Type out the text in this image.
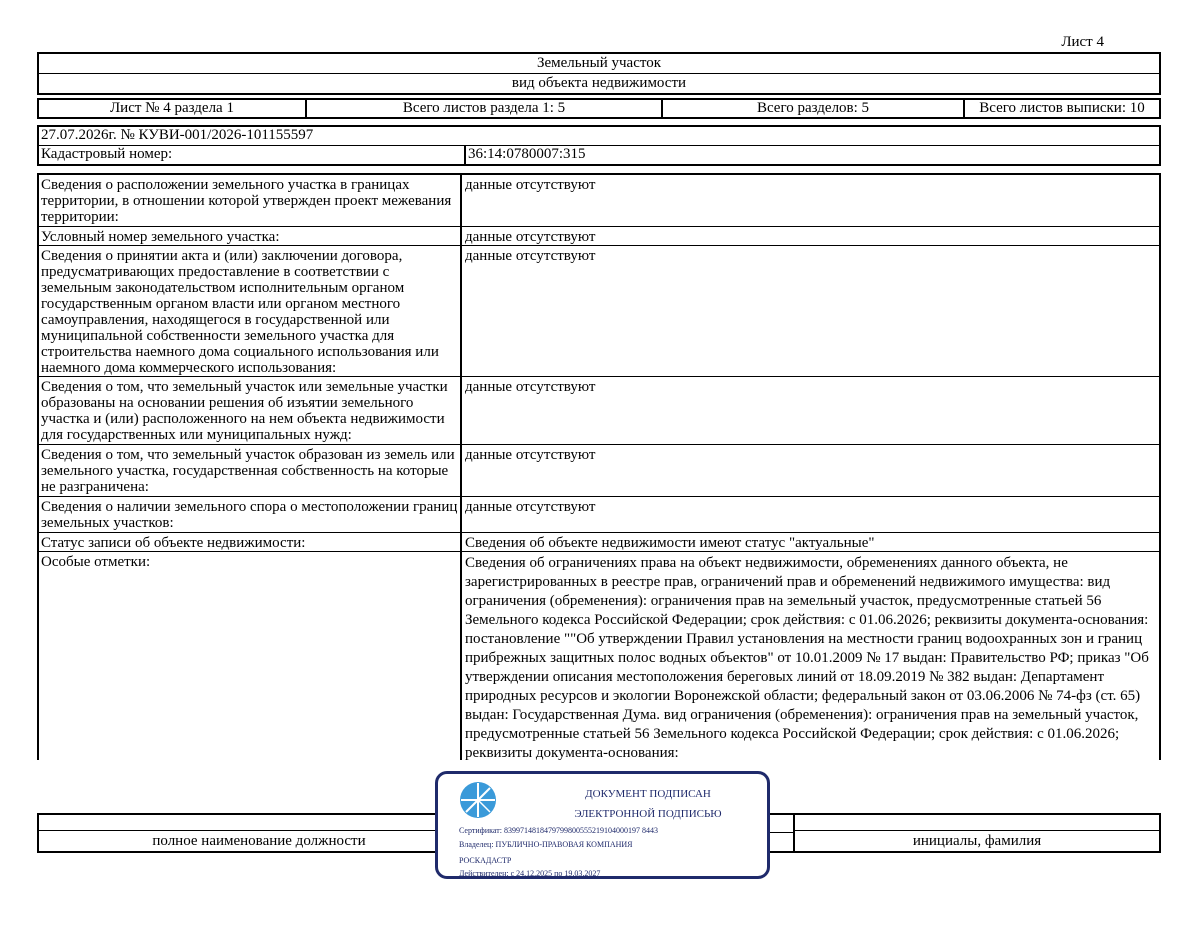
Лист 4
Земельный участок
вид объекта недвижимости
Лист № 4 раздела 1	Всего листов раздела 1: 5	Всего разделов: 5	Всего листов выписки: 10
27.07.2026г. № КУВИ-001/2026-101155597
Кадастровый номер:	36:14:0780007:315
Сведения о расположении земельного участка в границах территории, в отношении которой утвержден проект межевания территории:
данные отсутствуют
Условный номер земельного участка:	данные отсутствуют
Сведения о принятии акта и (или) заключении договора, предусматривающих предоставление в соответствии с земельным законодательством исполнительным органом государственным органом власти или органом местного самоуправления, находящегося в государственной или муниципальной собственности земельного участка для строительства наемного дома социального использования или наемного дома коммерческого использования:
данные отсутствуют
Сведения о том, что земельный участок или земельные участки образованы на основании решения об изъятии земельного участка и (или) расположенного на нем объекта недвижимости для государственных или муниципальных нужд:
данные отсутствуют
Сведения о том, что земельный участок образован из земель или земельного участка, государственная собственность на которые не разграничена:
данные отсутствуют
Сведения о наличии земельного спора о местоположении границ земельных участков:
данные отсутствуют
Статус записи об объекте недвижимости:	Сведения об объекте недвижимости имеют статус "актуальные"
Особые отметки:	Сведения об ограничениях права на объект недвижимости, обременениях данного объекта, не зарегистрированных в реестре прав, ограничений прав и обременений недвижимого имущества: вид ограничения (обременения): ограничения прав на земельный участок, предусмотренные статьей 56 Земельного кодекса Российской Федерации; срок действия: с 01.06.2026; реквизиты документа-основания: постановление ""Об утверждении Правил установления на местности границ водоохранных зон и границ прибрежных защитных полос водных объектов" от 10.01.2009 № 17 выдан: Правительство РФ; приказ "Об утверждении описания местоположения береговых линий от 18.09.2019 № 382 выдан: Департамент природных ресурсов и экологии Воронежской области; федеральный закон от 03.06.2006 № 74-фз (ст. 65) выдан: Государственная Дума. вид ограничения (обременения): ограничения прав на земельный участок, предусмотренные статьей 56 Земельного кодекса Российской Федерации; срок действия: с 01.06.2026; реквизиты документа-основания:
полное наименование должности	инициалы, фамилия
ДОКУМЕНТ ПОДПИСАН
ЭЛЕКТРОННОЙ ПОДПИСЬЮ
Сертификат: 8399714818479799800555219104000197 8443
Владелец: ПУБЛИЧНО-ПРАВОВАЯ КОМПАНИЯ
РОСКАДАСТР
Действителен: с 24.12.2025 по 19.03.2027
